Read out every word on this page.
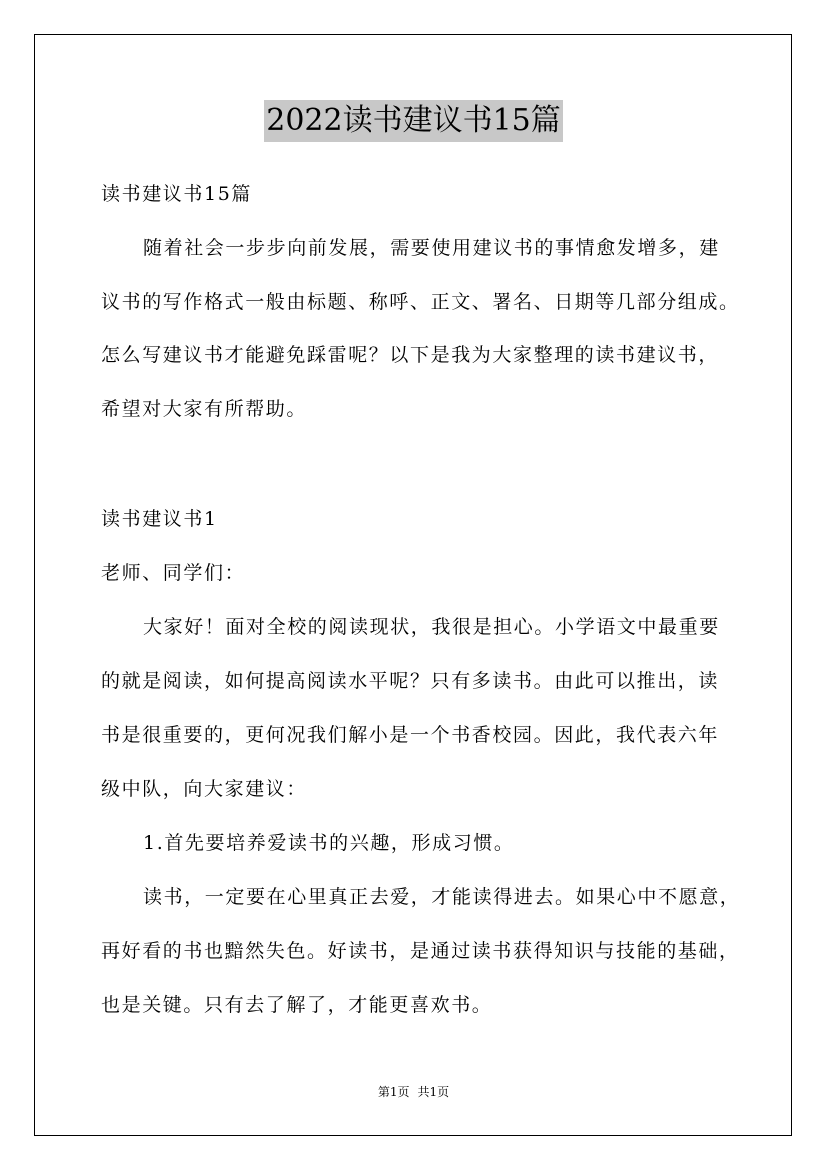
2022读书建议书15篇
读书建议书15篇
随着社会一步步向前发展，需要使用建议书的事情愈发增多，建
议书的写作格式一般由标题、称呼、正文、署名、日期等几部分组成。
怎么写建议书才能避免踩雷呢？以下是我为大家整理的读书建议书，
希望对大家有所帮助。
读书建议书1
老师、同学们：
大家好！面对全校的阅读现状，我很是担心。小学语文中最重要
的就是阅读，如何提高阅读水平呢？只有多读书。由此可以推出，读
书是很重要的，更何况我们解小是一个书香校园。因此，我代表六年
级中队，向大家建议：
1.首先要培养爱读书的兴趣，形成习惯。
读书，一定要在心里真正去爱，才能读得进去。如果心中不愿意，
再好看的书也黯然失色。好读书，是通过读书获得知识与技能的基础，
也是关键。只有去了解了，才能更喜欢书。
第1页 共1页
